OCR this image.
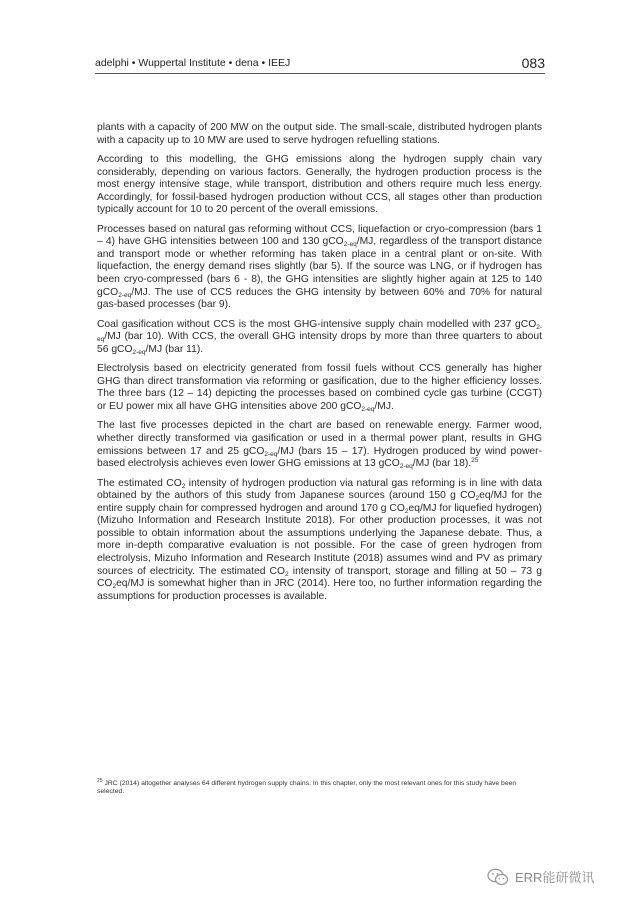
adelphi • Wuppertal Institute • dena • IEEJ	083

plants with a capacity of 200 MW on the output side. The small-scale, distributed hydrogen plants with a capacity up to 10 MW are used to serve hydrogen refuelling stations.

According to this modelling, the GHG emissions along the hydrogen supply chain vary considerably, depending on various factors. Generally, the hydrogen production process is the most energy intensive stage, while transport, distribution and others require much less energy. Accordingly, for fossil-based hydrogen production without CCS, all stages other than production typically account for 10 to 20 percent of the overall emissions.

Processes based on natural gas reforming without CCS, liquefaction or cryo-compression (bars 1 – 4) have GHG intensities between 100 and 130 gCO$_{2-eq}$/MJ, regardless of the transport distance and transport mode or whether reforming has taken place in a central plant or on-site. With liquefaction, the energy demand rises slightly (bar 5). If the source was LNG, or if hydrogen has been cryo-compressed (bars 6 - 8), the GHG intensities are slightly higher again at 125 to 140 gCO$_{2-eq}$/MJ. The use of CCS reduces the GHG intensity by between 60% and 70% for natural gas-based processes (bar 9).

Coal gasification without CCS is the most GHG-intensive supply chain modelled with 237 gCO$_{2-eq}$/MJ (bar 10). With CCS, the overall GHG intensity drops by more than three quarters to about 56 gCO$_{2-eq}$/MJ (bar 11).

Electrolysis based on electricity generated from fossil fuels without CCS generally has higher GHG than direct transformation via reforming or gasification, due to the higher efficiency losses. The three bars (12 – 14) depicting the processes based on combined cycle gas turbine (CCGT) or EU power mix all have GHG intensities above 200 gCO$_{2-eq}$/MJ.

The last five processes depicted in the chart are based on renewable energy. Farmer wood, whether directly transformed via gasification or used in a thermal power plant, results in GHG emissions between 17 and 25 gCO$_{2-eq}$/MJ (bars 15 – 17). Hydrogen produced by wind power-based electrolysis achieves even lower GHG emissions at 13 gCO$_{2-eq}$/MJ (bar 18).$^{25}$

The estimated $CO_2$ intensity of hydrogen production via natural gas reforming is in line with data obtained by the authors of this study from Japanese sources (around 150 g $CO_2eq/MJ$ for the entire supply chain for compressed hydrogen and around 170 g $CO_2eq/MJ$ for liquefied hydrogen) (Mizuho Information and Research Institute 2018). For other production processes, it was not possible to obtain information about the assumptions underlying the Japanese debate. Thus, a more in-depth comparative evaluation is not possible. For the case of green hydrogen from electrolysis, Mizuho Information and Research Institute (2018) assumes wind and PV as primary sources of electricity. The estimated $CO_2$ intensity of transport, storage and filling at 50 – 73 g $CO_2eq/MJ$ is somewhat higher than in JRC (2014). Here too, no further information regarding the assumptions for production processes is available.

$^{25}$ JRC (2014) altogether analyses 64 different hydrogen supply chains. In this chapter, only the most relevant ones for this study have been selected.
ERR能研微讯
